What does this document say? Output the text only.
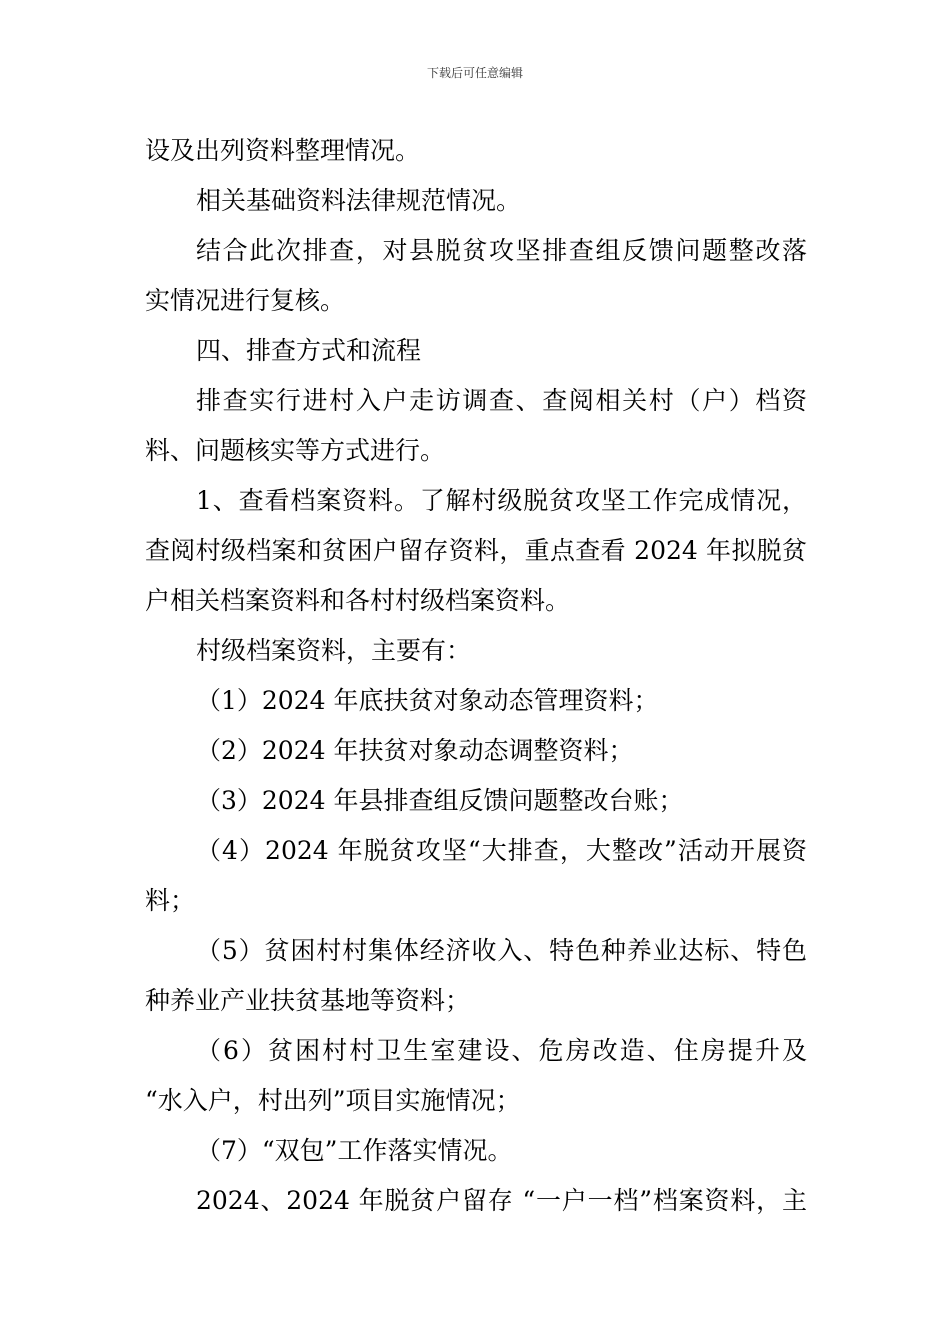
下载后可任意编辑
设及出列资料整理情况。
相关基础资料法律规范情况。
结合此次排查，对县脱贫攻坚排查组反馈问题整改落
实情况进行复核。
四、排查方式和流程
排查实行进村入户走访调查、查阅相关村（户）档资
料、问题核实等方式进行。
1、查看档案资料。了解村级脱贫攻坚工作完成情况，
查阅村级档案和贫困户留存资料，重点查看 2024 年拟脱贫
户相关档案资料和各村村级档案资料。
村级档案资料，主要有：
（1）2024 年底扶贫对象动态管理资料；
（2）2024 年扶贫对象动态调整资料；
（3）2024 年县排查组反馈问题整改台账；
（4）2024 年脱贫攻坚“大排查，大整改”活动开展资
料；
（5）贫困村村集体经济收入、特色种养业达标、特色
种养业产业扶贫基地等资料；
（6）贫困村村卫生室建设、危房改造、住房提升及
“水入户，村出列”项目实施情况；
（7）“双包”工作落实情况。
2024、2024 年脱贫户留存 “一户一档”档案资料，主
